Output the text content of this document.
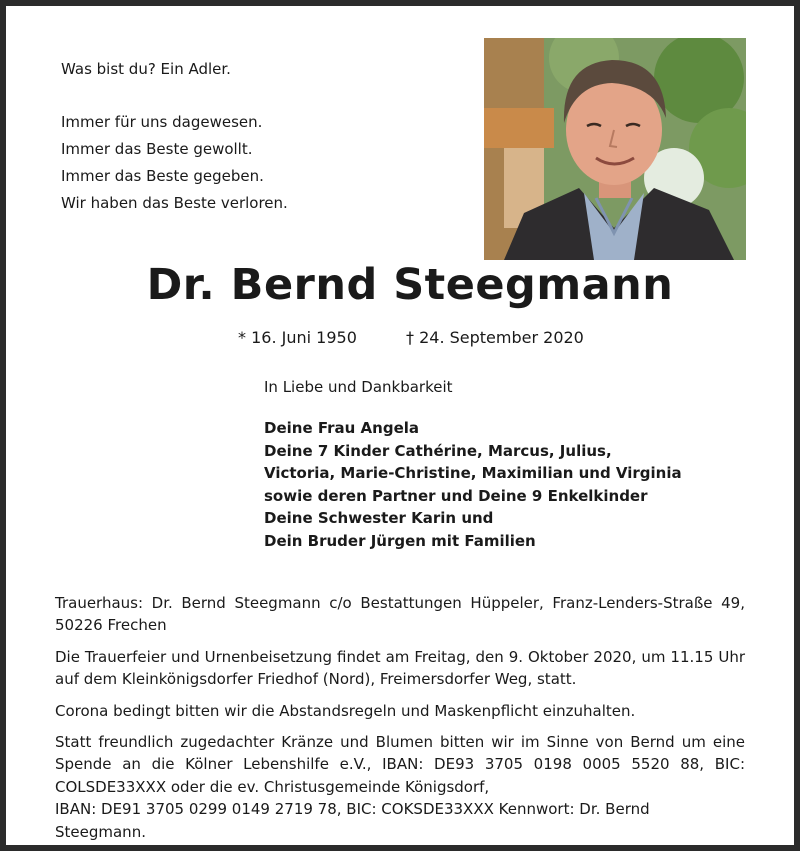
Was bist du? Ein Adler.
Immer für uns dagewesen.
Immer das Beste gewollt.
Immer das Beste gegeben.
Wir haben das Beste verloren.
Dr. Bernd Steegmann
* 16. Juni 1950	† 24. September 2020
In Liebe und Dankbarkeit
Deine Frau Angela
Deine 7 Kinder Cathérine, Marcus, Julius,
Victoria, Marie-Christine, Maximilian und Virginia
sowie deren Partner und Deine 9 Enkelkinder
Deine Schwester Karin und
Dein Bruder Jürgen mit Familien

Trauerhaus: Dr. Bernd Steegmann c/o Bestattungen Hüppeler, Franz-Lenders-Straße 49, 50226 Frechen

Die Trauerfeier und Urnenbeisetzung findet am Freitag, den 9. Oktober 2020, um 11.15 Uhr auf dem Kleinkönigsdorfer Friedhof (Nord), Freimersdorfer Weg, statt.

Corona bedingt bitten wir die Abstandsregeln und Maskenpflicht einzuhalten.

Statt freundlich zugedachter Kränze und Blumen bitten wir im Sinne von Bernd um eine Spende an die Kölner Lebenshilfe e.V., IBAN: DE93 3705 0198 0005 5520 88, BIC: COLSDE33XXX oder die ev. Christusgemeinde Königsdorf,

IBAN: DE91 3705 0299 0149 2719 78, BIC: COKSDE33XXX Kennwort: Dr. Bernd Steegmann.
